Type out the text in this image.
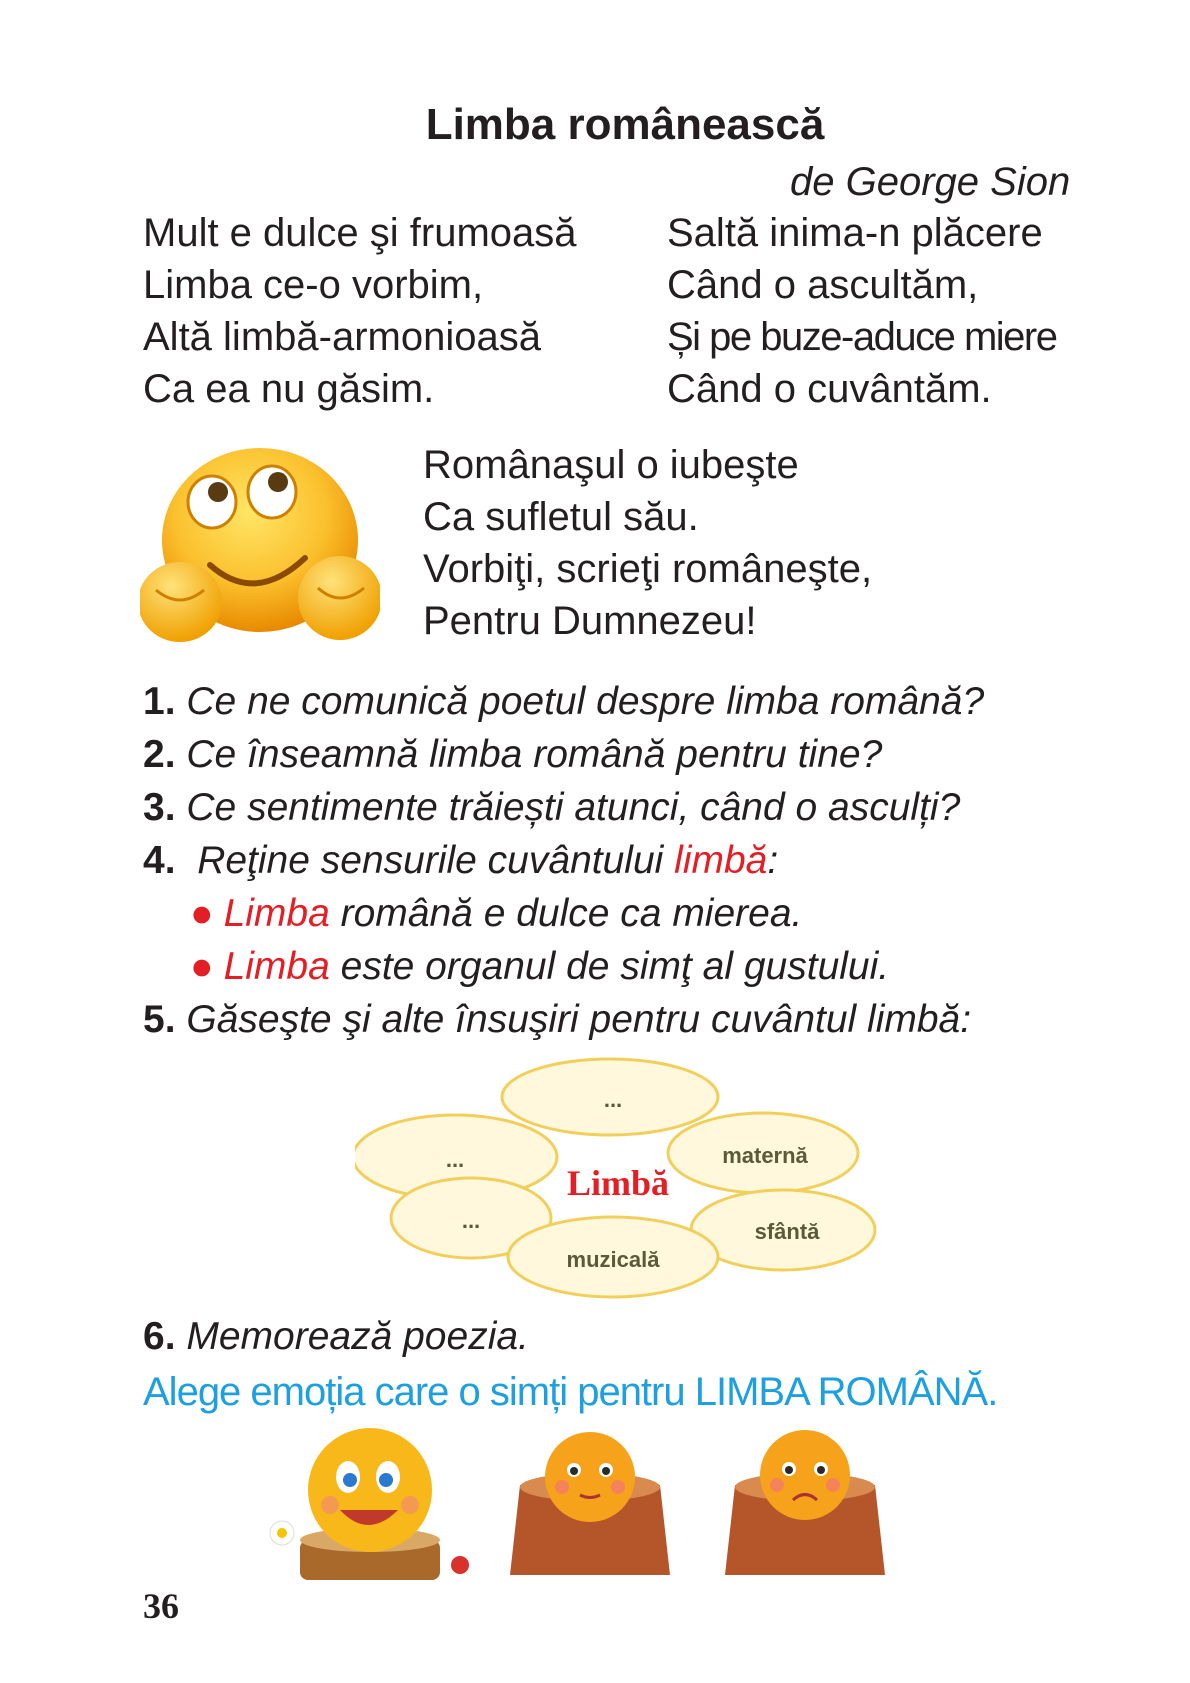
Limba românească
de George Sion
Mult e dulce şi frumoasă
Limba ce-o vorbim,
Altă limbă-armonioasă
Ca ea nu găsim.
Saltă inima-n plăcere
Când o ascultăm,
Și pe buze-aduce miere
Când o cuvântăm.
Românaşul o iubeşte
Ca sufletul său.
Vorbiţi, scrieţi româneşte,
Pentru Dumnezeu!
1. Ce ne comunică poetul despre limba română?
2. Ce înseamnă limba română pentru tine?
3. Ce sentimente trăiești atunci, când o asculți?
4. Reţine sensurile cuvântului limbă:
● Limba română e dulce ca mierea.
● Limba este organul de simţ al gustului.
5. Găseşte şi alte însuşiri pentru cuvântul limbă:
...
maternă
sfântă
muzicală
...
...
Limbă
6. Memorează poezia.
Alege emoția care o simți pentru LIMBA ROMÂNĂ.
36
